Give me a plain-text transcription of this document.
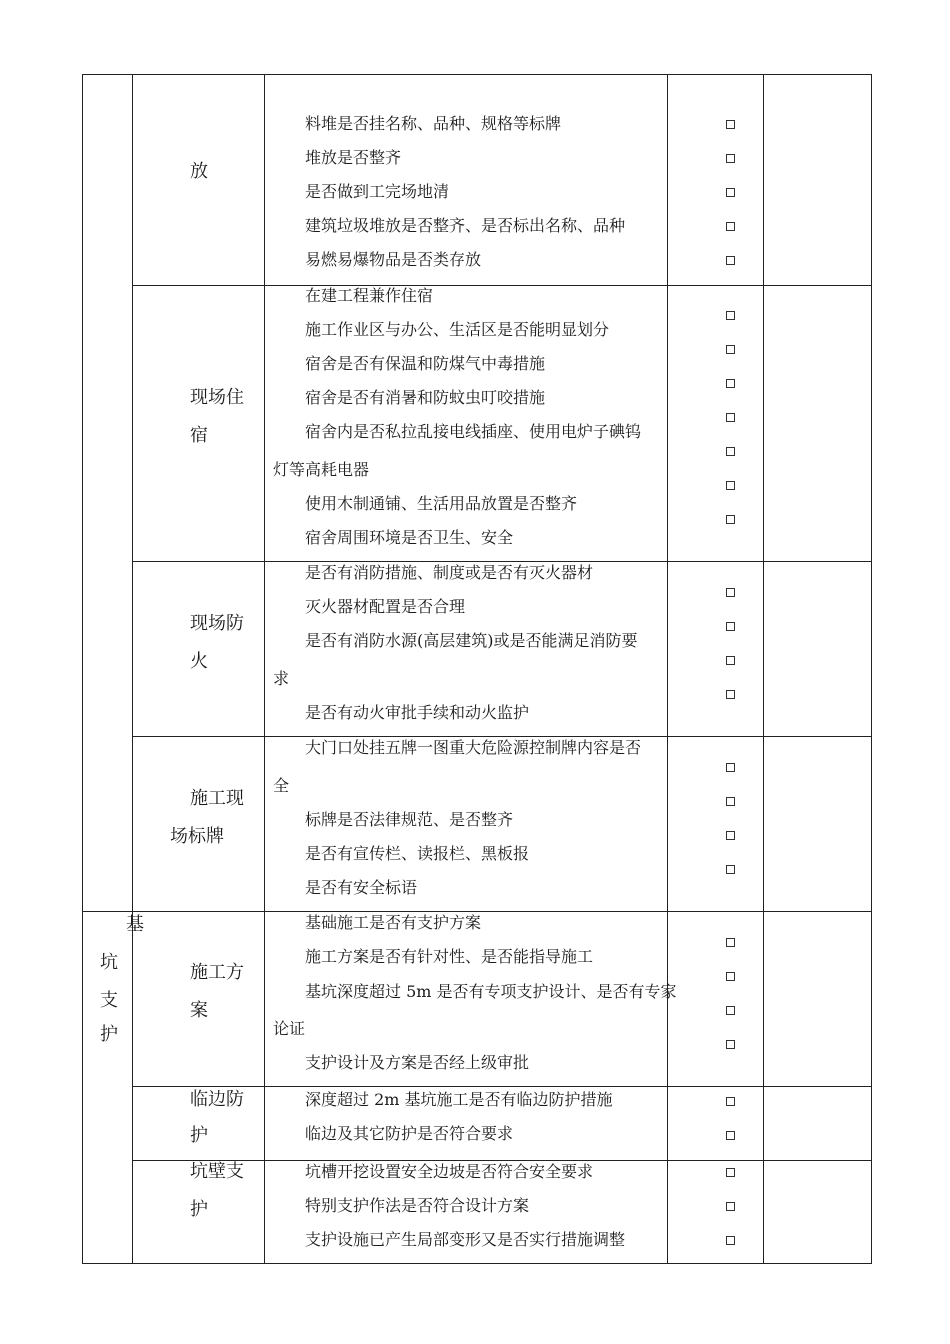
放
料堆是否挂名称、品种、规格等标牌
堆放是否整齐
是否做到工完场地清
建筑垃圾堆放是否整齐、是否标出名称、品种
易燃易爆物品是否类存放
现场住
宿
在建工程兼作住宿
施工作业区与办公、生活区是否能明显划分
宿舍是否有保温和防煤气中毒措施
宿舍是否有消暑和防蚊虫叮咬措施
宿舍内是否私拉乱接电线插座、使用电炉子碘钨
灯等高耗电器
使用木制通铺、生活用品放置是否整齐
宿舍周围环境是否卫生、安全
现场防
火
是否有消防措施、制度或是否有灭火器材
灭火器材配置是否合理
是否有消防水源(高层建筑)或是否能满足消防要
求
是否有动火审批手续和动火监护
施工现
场标牌
大门口处挂五牌一图重大危险源控制牌内容是否
全
标牌是否法律规范、是否整齐
是否有宣传栏、读报栏、黑板报
是否有安全标语
基
坑
支
护
施工方
案
基础施工是否有支护方案
施工方案是否有针对性、是否能指导施工
基坑深度超过 5m 是否有专项支护设计、是否有专家
论证
支护设计及方案是否经上级审批
临边防
护
深度超过 2m 基坑施工是否有临边防护措施
临边及其它防护是否符合要求
坑壁支
护
坑槽开挖设置安全边坡是否符合安全要求
特别支护作法是否符合设计方案
支护设施已产生局部变形又是否实行措施调整
